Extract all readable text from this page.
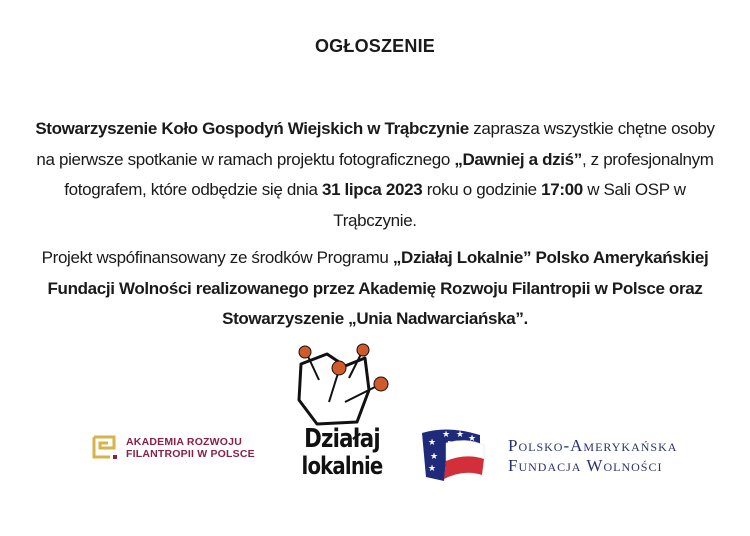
OGŁOSZENIE
Stowarzyszenie Koło Gospodyń Wiejskich w Trąbczynie zaprasza wszystkie chętne osoby na pierwsze spotkanie w ramach projektu fotograficznego „Dawniej a dziś”, z profesjonalnym fotografem, które odbędzie się dnia 31 lipca 2023 roku o godzinie 17:00 w Sali OSP w Trąbczynie.
Projekt wspófinansowany ze środków Programu „Działaj Lokalnie” Polsko Amerykańskiej Fundacji Wolności realizowanego przez Akademię Rozwoju Filantropii w Polsce oraz Stowarzyszenie „Unia Nadwarciańska”.
AKADEMIA ROZWOJU
FILANTROPII W POLSCE Działaj
lokalnie
★
★ ★ ★
★
★
Polsko-Amerykańska
Fundacja Wolności
